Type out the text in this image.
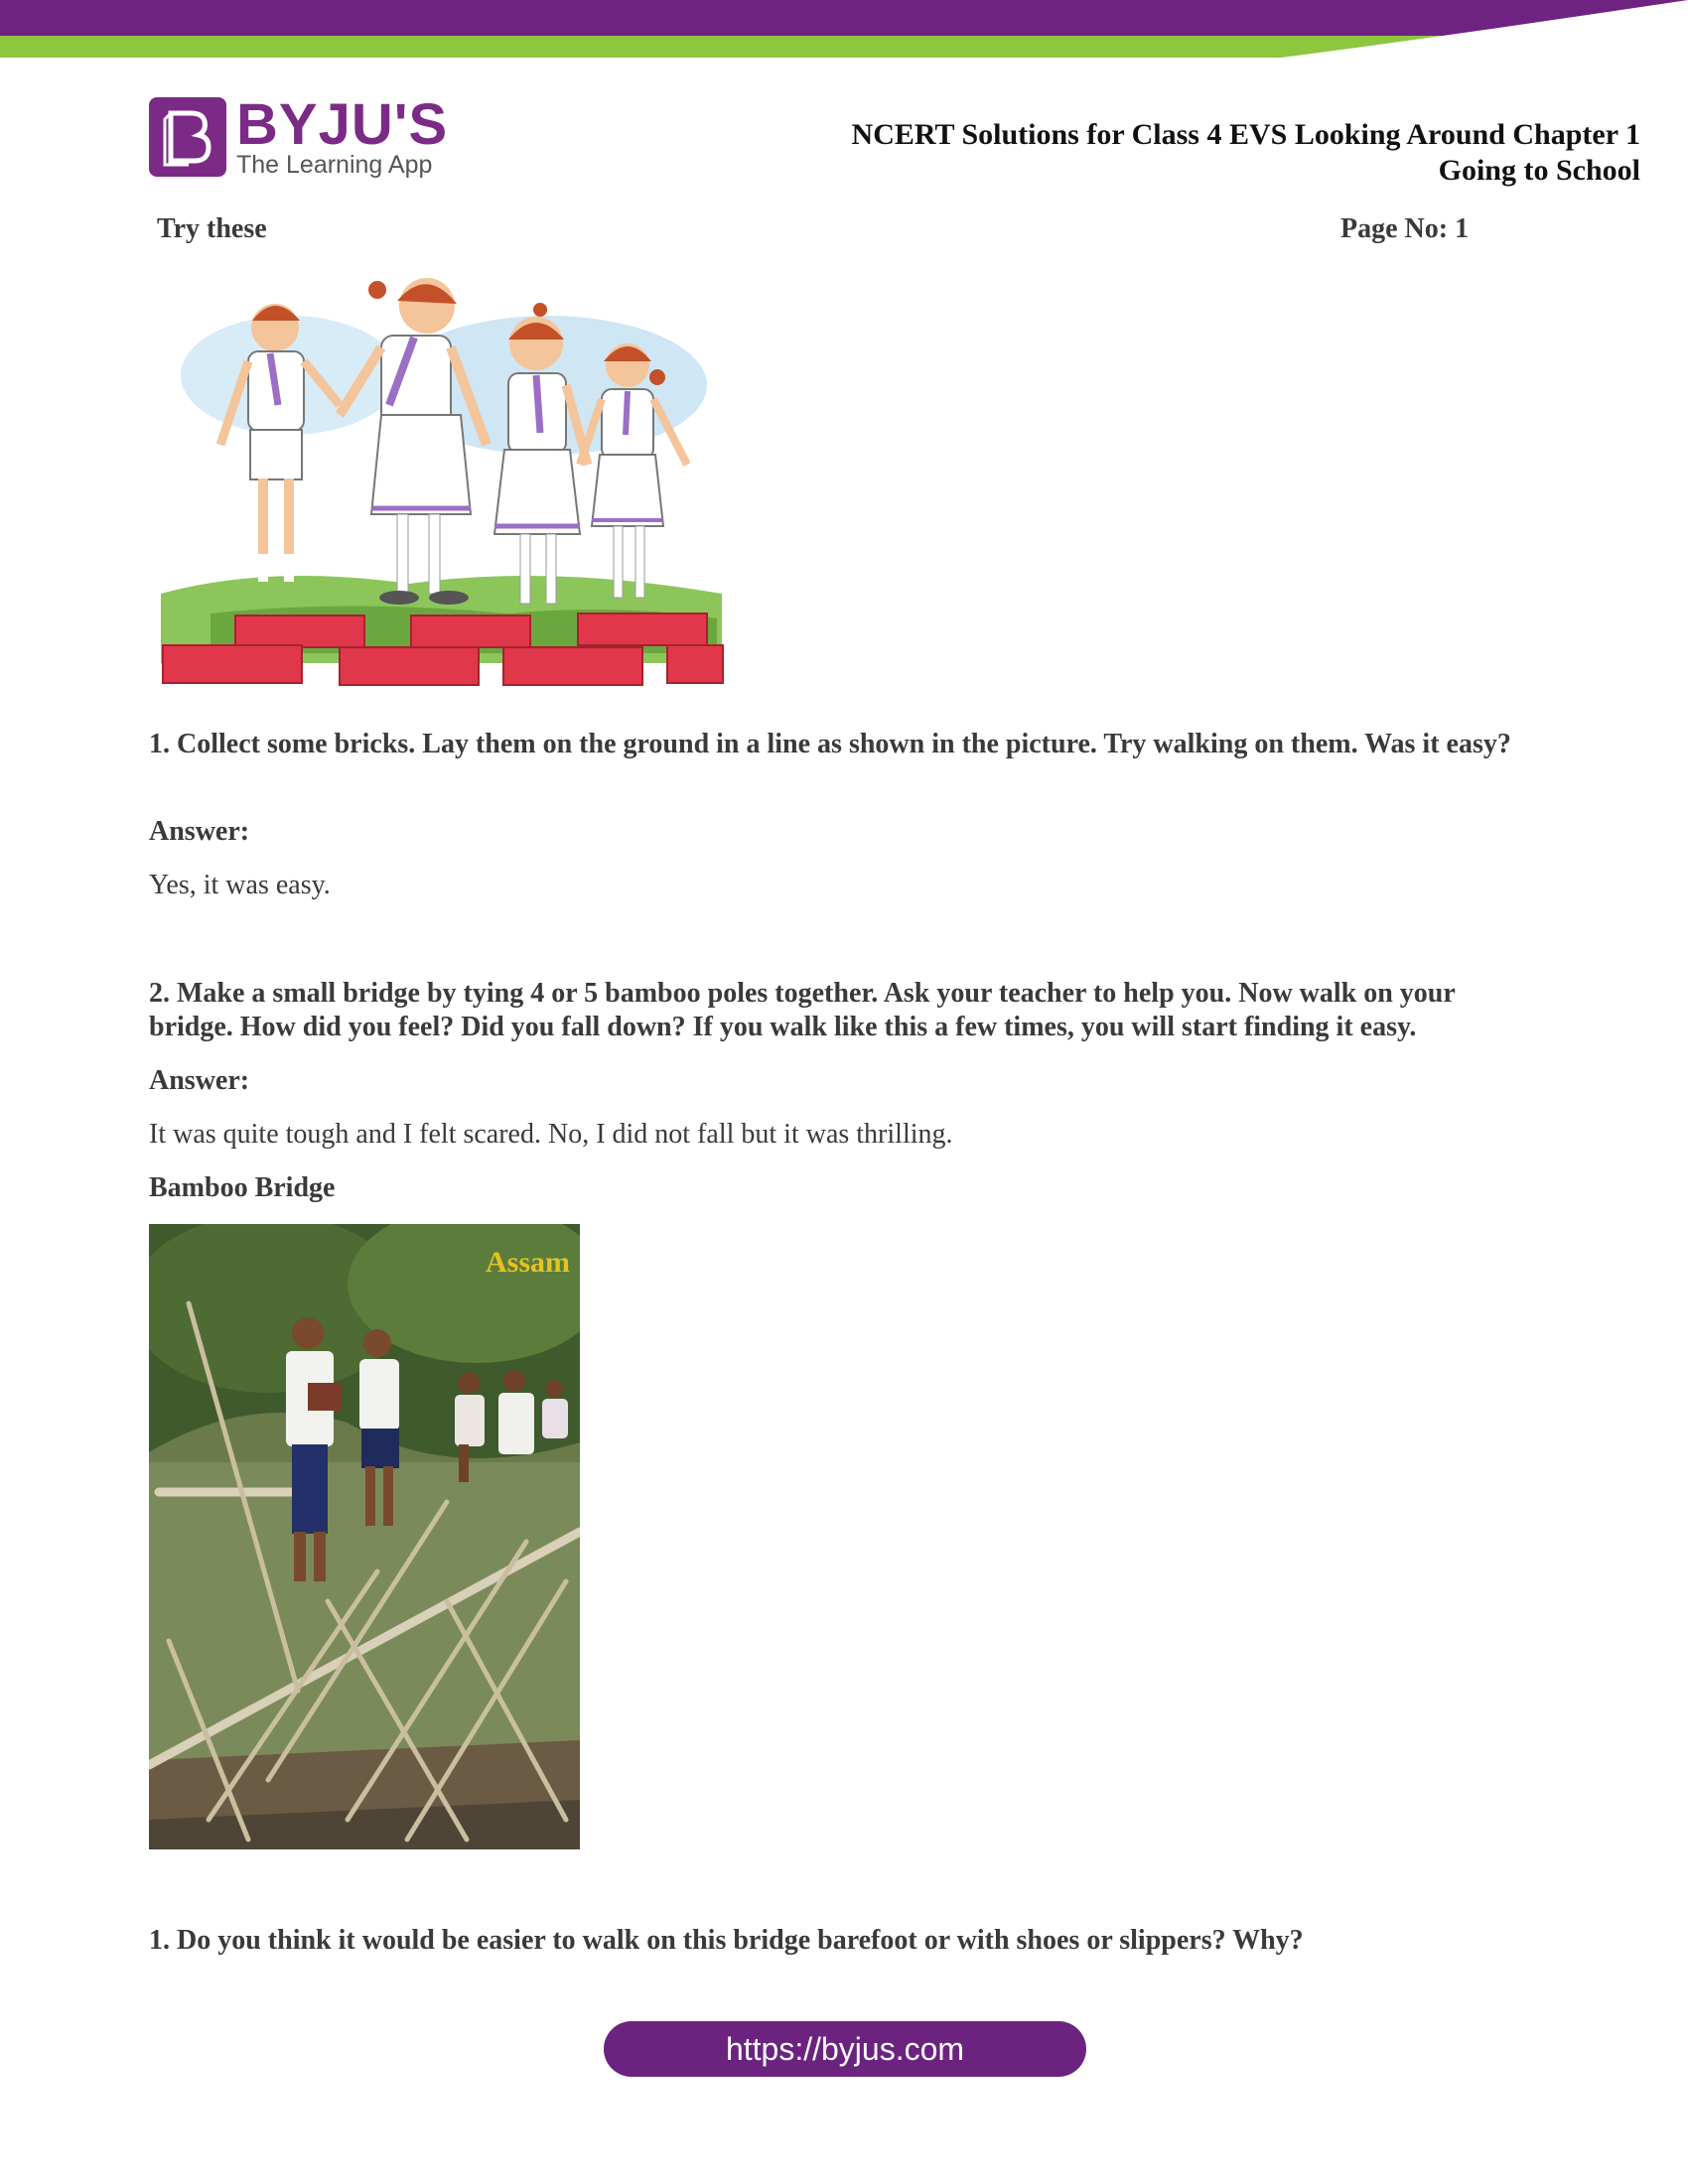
BYJU'S
The Learning App
NCERT Solutions for Class 4 EVS Looking Around Chapter 1
Going to School
Try these	Page No: 1
1. Collect some bricks. Lay them on the ground in a line as shown in the picture. Try walking on them. Was it easy?
Answer:
Yes, it was easy.
2. Make a small bridge by tying 4 or 5 bamboo poles together. Ask your teacher to help you. Now walk on your bridge. How did you feel? Did you fall down? If you walk like this a few times, you will start finding it easy.
Answer:
It was quite tough and I felt scared. No, I did not fall but it was thrilling.
Bamboo Bridge
Assam
1. Do you think it would be easier to walk on this bridge barefoot or with shoes or slippers? Why?
https://byjus.com
